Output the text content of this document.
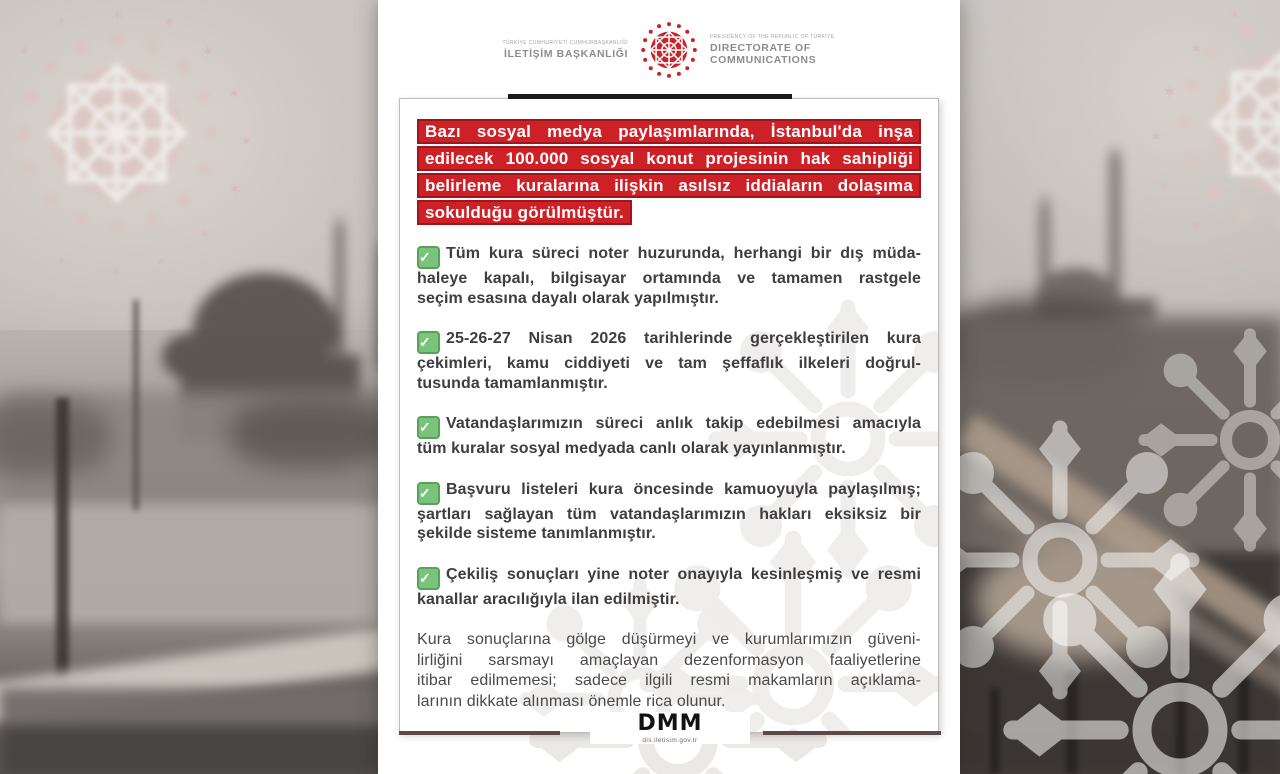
✶
✶
✶
✶
✶
✶
✶
✶
✶
✶
✶
✶
✶
✶
✶
✶
✶
✶
✶
TÜRKİYE CUMHURİYETİ CUMHURBAŞKANLIĞI
İLETİŞİM BAŞKANLIĞI
PRESIDENCY OF THE REPUBLIC OF TÜRKİYE
DIRECTORATE OF
COMMUNICATIONS
Bazı sosyal medya paylaşımlarında, İstanbul'da inşa
edilecek 100.000 sosyal konut projesinin hak sahipliği
belirleme kuralarına ilişkin asılsız iddiaların dolaşıma
sokulduğu görülmüştür.
✓ Tüm kura süreci noter huzurunda, herhangi bir dış müda-
haleye kapalı, bilgisayar ortamında ve tamamen rastgele
seçim esasına dayalı olarak yapılmıştır.
✓ 25-26-27 Nisan 2026 tarihlerinde gerçekleştirilen kura
çekimleri, kamu ciddiyeti ve tam şeffaflık ilkeleri doğrul-
tusunda tamamlanmıştır.
✓ Vatandaşlarımızın süreci anlık takip edebilmesi amacıyla
tüm kuralar sosyal medyada canlı olarak yayınlanmıştır.
✓ Başvuru listeleri kura öncesinde kamuoyuyla paylaşılmış;
şartları sağlayan tüm vatandaşlarımızın hakları eksiksiz bir
şekilde sisteme tanımlanmıştır.
✓ Çekiliş sonuçları yine noter onayıyla kesinleşmiş ve resmi
kanallar aracılığıyla ilan edilmiştir.
Kura sonuçlarına gölge düşürmeyi ve kurumlarımızın güveni-
lirliğini sarsmayı amaçlayan dezenformasyon faaliyetlerine
itibar edilmemesi; sadece ilgili resmi makamların açıklama-
larının dikkate alınması önemle rica olunur.
DMM
dis.iletisim.gov.tr
